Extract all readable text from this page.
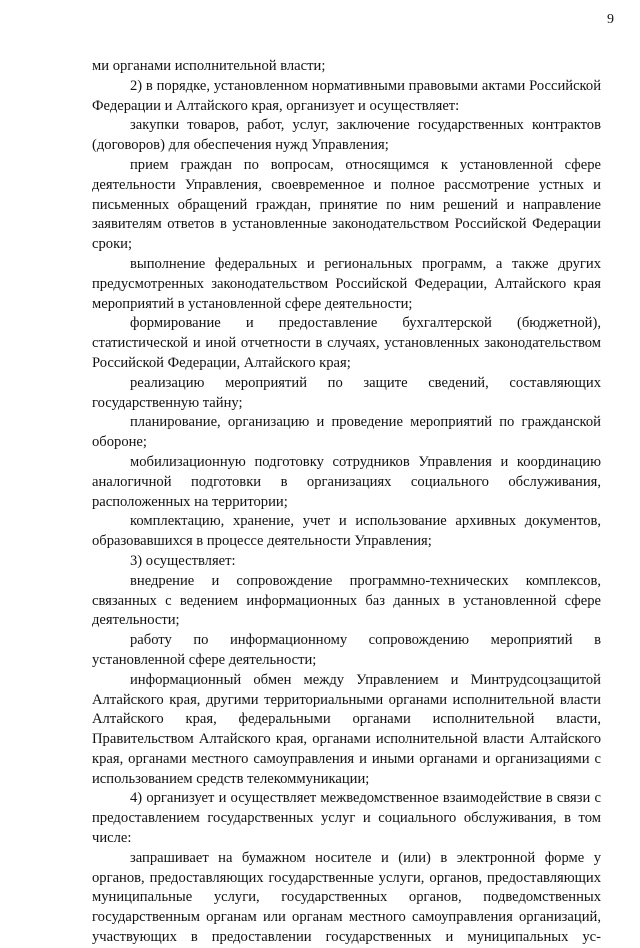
9

ми органами исполнительной власти;

2) в порядке, установленном нормативными правовыми актами Российской Федерации и Алтайского края, организует и осуществляет:

закупки товаров, работ, услуг, заключение государственных контрактов (договоров) для обеспечения нужд Управления;

прием граждан по вопросам, относящимся к установленной сфере деятельности Управления, своевременное и полное рассмотрение устных и письменных обращений граждан, принятие по ним решений и направление заявителям ответов в установленные законодательством Российской Федерации сроки;

выполнение федеральных и региональных программ, а также других предусмотренных законодательством Российской Федерации, Алтайского края мероприятий в установленной сфере деятельности;

формирование и предоставление бухгалтерской (бюджетной), статистической и иной отчетности в случаях, установленных законодательством Российской Федерации, Алтайского края;

реализацию мероприятий по защите сведений, составляющих государственную тайну;

планирование, организацию и проведение мероприятий по гражданской обороне;

мобилизационную подготовку сотрудников Управления и координацию аналогичной подготовки в организациях социального обслуживания, расположенных на территории;

комплектацию, хранение, учет и использование архивных документов, образовавшихся в процессе деятельности Управления;

3) осуществляет:

внедрение и сопровождение программно-технических комплексов, связанных с ведением информационных баз данных в установленной сфере деятельности;

работу по информационному сопровождению мероприятий в установленной сфере деятельности;

информационный обмен между Управлением и Минтрудсоцзащитой Алтайского края, другими территориальными органами исполнительной власти Алтайского края, федеральными органами исполнительной власти, Правительством Алтайского края, органами исполнительной власти Алтайского края, органами местного самоуправления и иными органами и организациями с использованием средств телекоммуникации;

4) организует и осуществляет межведомственное взаимодействие в связи с предоставлением государственных услуг и социального обслуживания, в том числе:

запрашивает на бумажном носителе и (или) в электронной форме у органов, предоставляющих государственные услуги, органов, предоставляющих муниципальные услуги, государственных органов, подведомственных государственным органам или органам местного самоуправления организаций, участвующих в предоставлении государственных и муниципальных ус-
